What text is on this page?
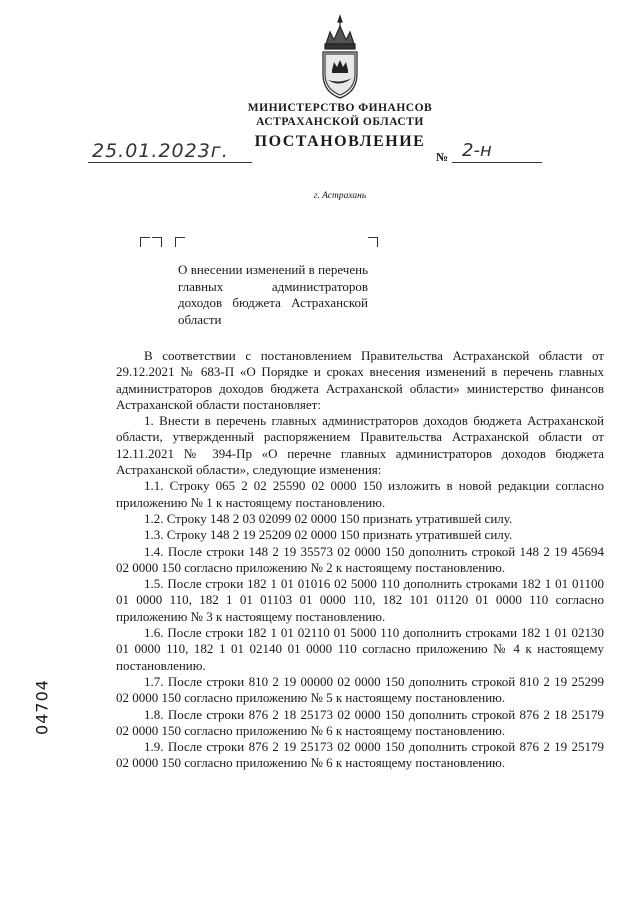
МИНИСТЕРСТВО ФИНАНСОВ
АСТРАХАНСКОЙ ОБЛАСТИ
25.01.2023г.	ПОСТАНОВЛЕНИЕ
№ 2-н
г. Астрахань
О внесении изменений в перечень главных администраторов доходов бюджета Астраханской области

В соответствии с постановлением Правительства Астраханской области от 29.12.2021 № 683-П «О Порядке и сроках внесения изменений в перечень главных администраторов доходов бюджета Астраханской области» министерство финансов Астраханской области постановляет:

1. Внести в перечень главных администраторов доходов бюджета Астраханской области, утвержденный распоряжением Правительства Астраханской области от 12.11.2021 № 394-Пр «О перечне главных администраторов доходов бюджета Астраханской области», следующие изменения:

1.1. Строку 065 2 02 25590 02 0000 150 изложить в новой редакции согласно приложению № 1 к настоящему постановлению.

1.2. Строку 148 2 03 02099 02 0000 150 признать утратившей силу.

1.3. Строку 148 2 19 25209 02 0000 150 признать утратившей силу.

1.4. После строки 148 2 19 35573 02 0000 150 дополнить строкой 148 2 19 45694 02 0000 150 согласно приложению № 2 к настоящему постановлению.

1.5. После строки 182 1 01 01016 02 5000 110 дополнить строками 182 1 01 01100 01 0000 110, 182 1 01 01103 01 0000 110, 182 101 01120 01 0000 110 согласно приложению № 3 к настоящему постановлению.

1.6. После строки 182 1 01 02110 01 5000 110 дополнить строками 182 1 01 02130 01 0000 110, 182 1 01 02140 01 0000 110 согласно приложению № 4 к настоящему постановлению.

1.7. После строки 810 2 19 00000 02 0000 150 дополнить строкой 810 2 19 25299 02 0000 150 согласно приложению № 5 к настоящему постановлению.

1.8. После строки 876 2 18 25173 02 0000 150 дополнить строкой 876 2 18 25179 02 0000 150 согласно приложению № 6 к настоящему постановлению.

1.9. После строки 876 2 19 25173 02 0000 150 дополнить строкой 876 2 19 25179 02 0000 150 согласно приложению № 6 к настоящему постановлению.

04704
